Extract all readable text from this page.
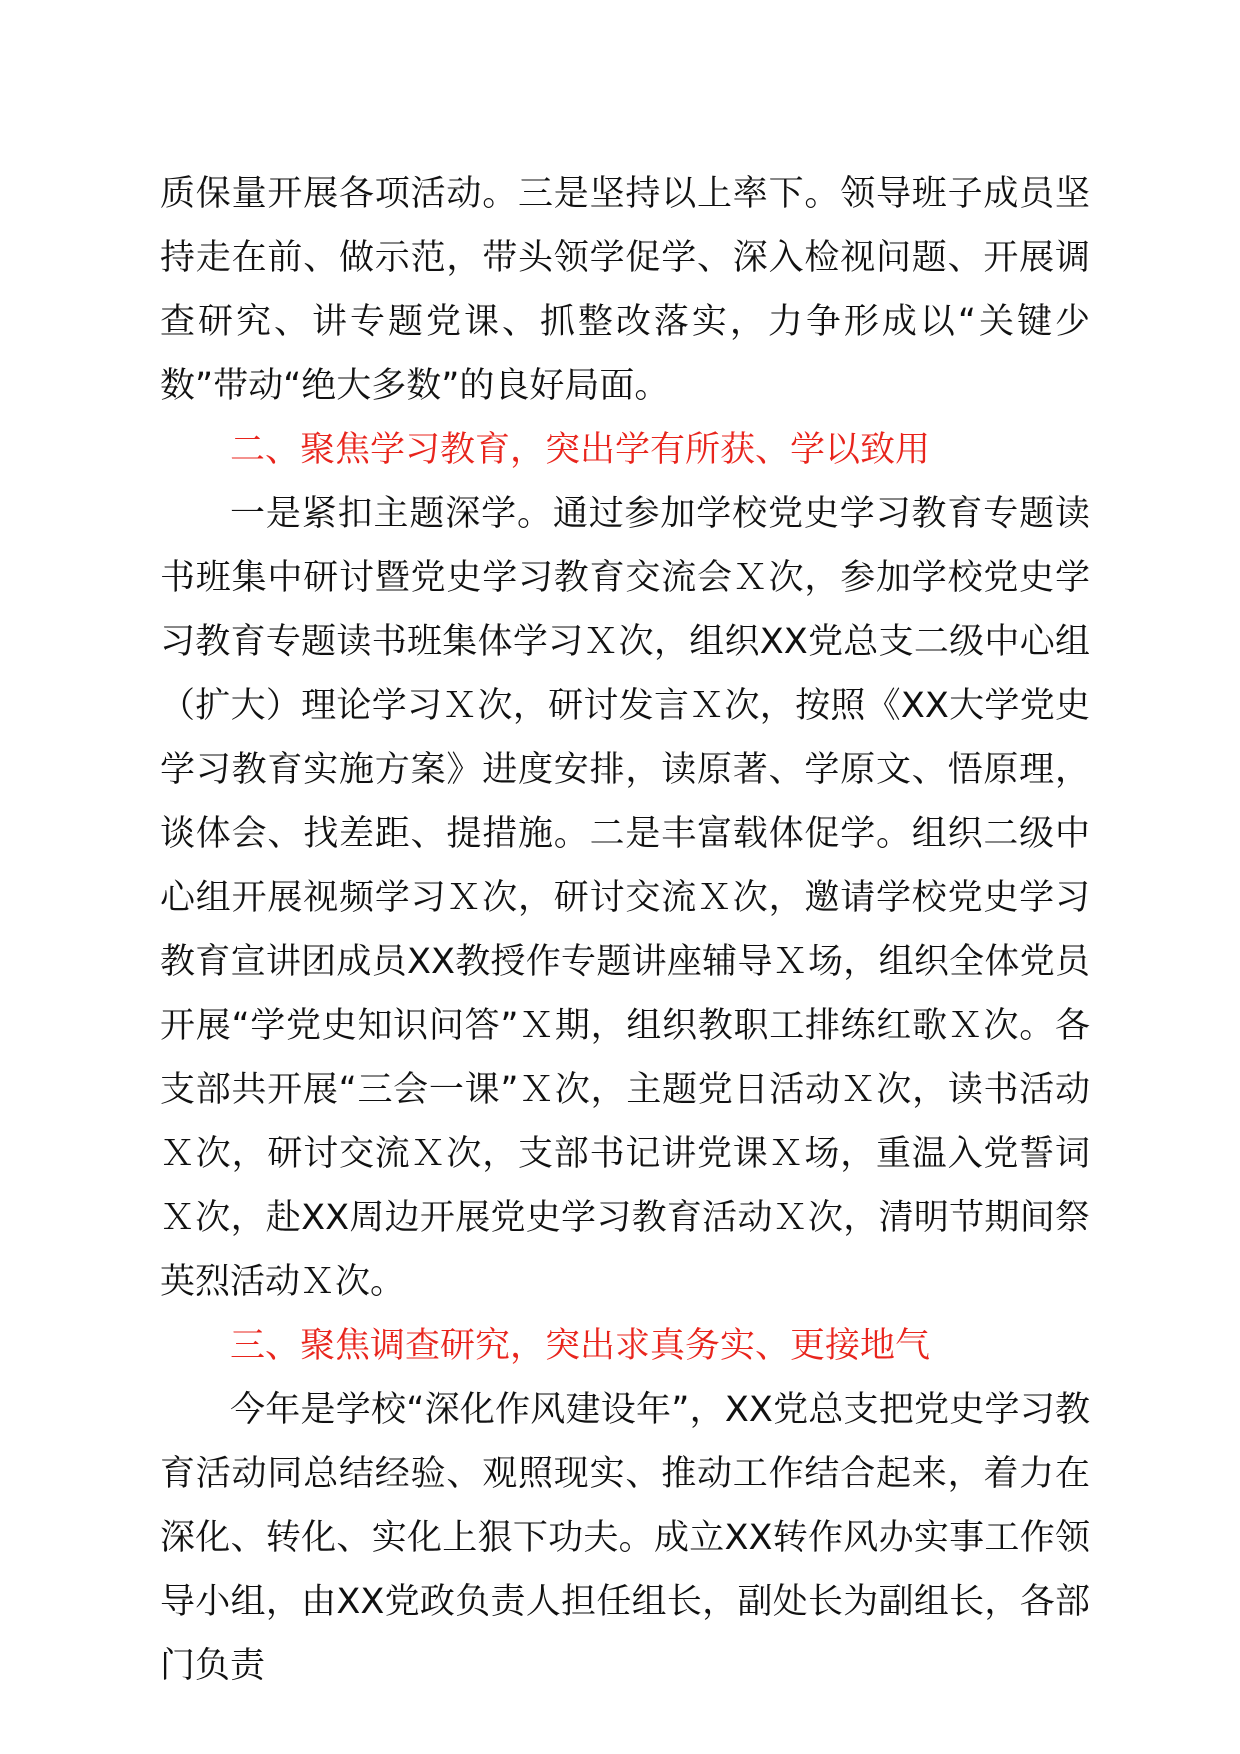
质保量开展各项活动。三是坚持以上率下。领导班子成员坚持走在前、做示范，带头领学促学、深入检视问题、开展调查研究、讲专题党课、抓整改落实，力争形成以“关键少数”带动“绝大多数”的良好局面。

二、聚焦学习教育，突出学有所获、学以致用

一是紧扣主题深学。通过参加学校党史学习教育专题读书班集中研讨暨党史学习教育交流会Ｘ次，参加学校党史学习教育专题读书班集体学习Ｘ次，组织XX党总支二级中心组（扩大）理论学习Ｘ次，研讨发言Ｘ次，按照《XX大学党史学习教育实施方案》进度安排，读原著、学原文、悟原理，谈体会、找差距、提措施。二是丰富载体促学。组织二级中心组开展视频学习Ｘ次，研讨交流Ｘ次，邀请学校党史学习教育宣讲团成员XX教授作专题讲座辅导Ｘ场，组织全体党员开展“学党史知识问答”Ｘ期，组织教职工排练红歌Ｘ次。各支部共开展“三会一课”Ｘ次，主题党日活动Ｘ次，读书活动Ｘ次，研讨交流Ｘ次，支部书记讲党课Ｘ场，重温入党誓词Ｘ次，赴XX周边开展党史学习教育活动Ｘ次，清明节期间祭英烈活动Ｘ次。

三、聚焦调查研究，突出求真务实、更接地气

今年是学校“深化作风建设年”，XX党总支把党史学习教育活动同总结经验、观照现实、推动工作结合起来，着力在深化、转化、实化上狠下功夫。成立XX转作风办实事工作领导小组，由XX党政负责人担任组长，副处长为副组长，各部门负责
